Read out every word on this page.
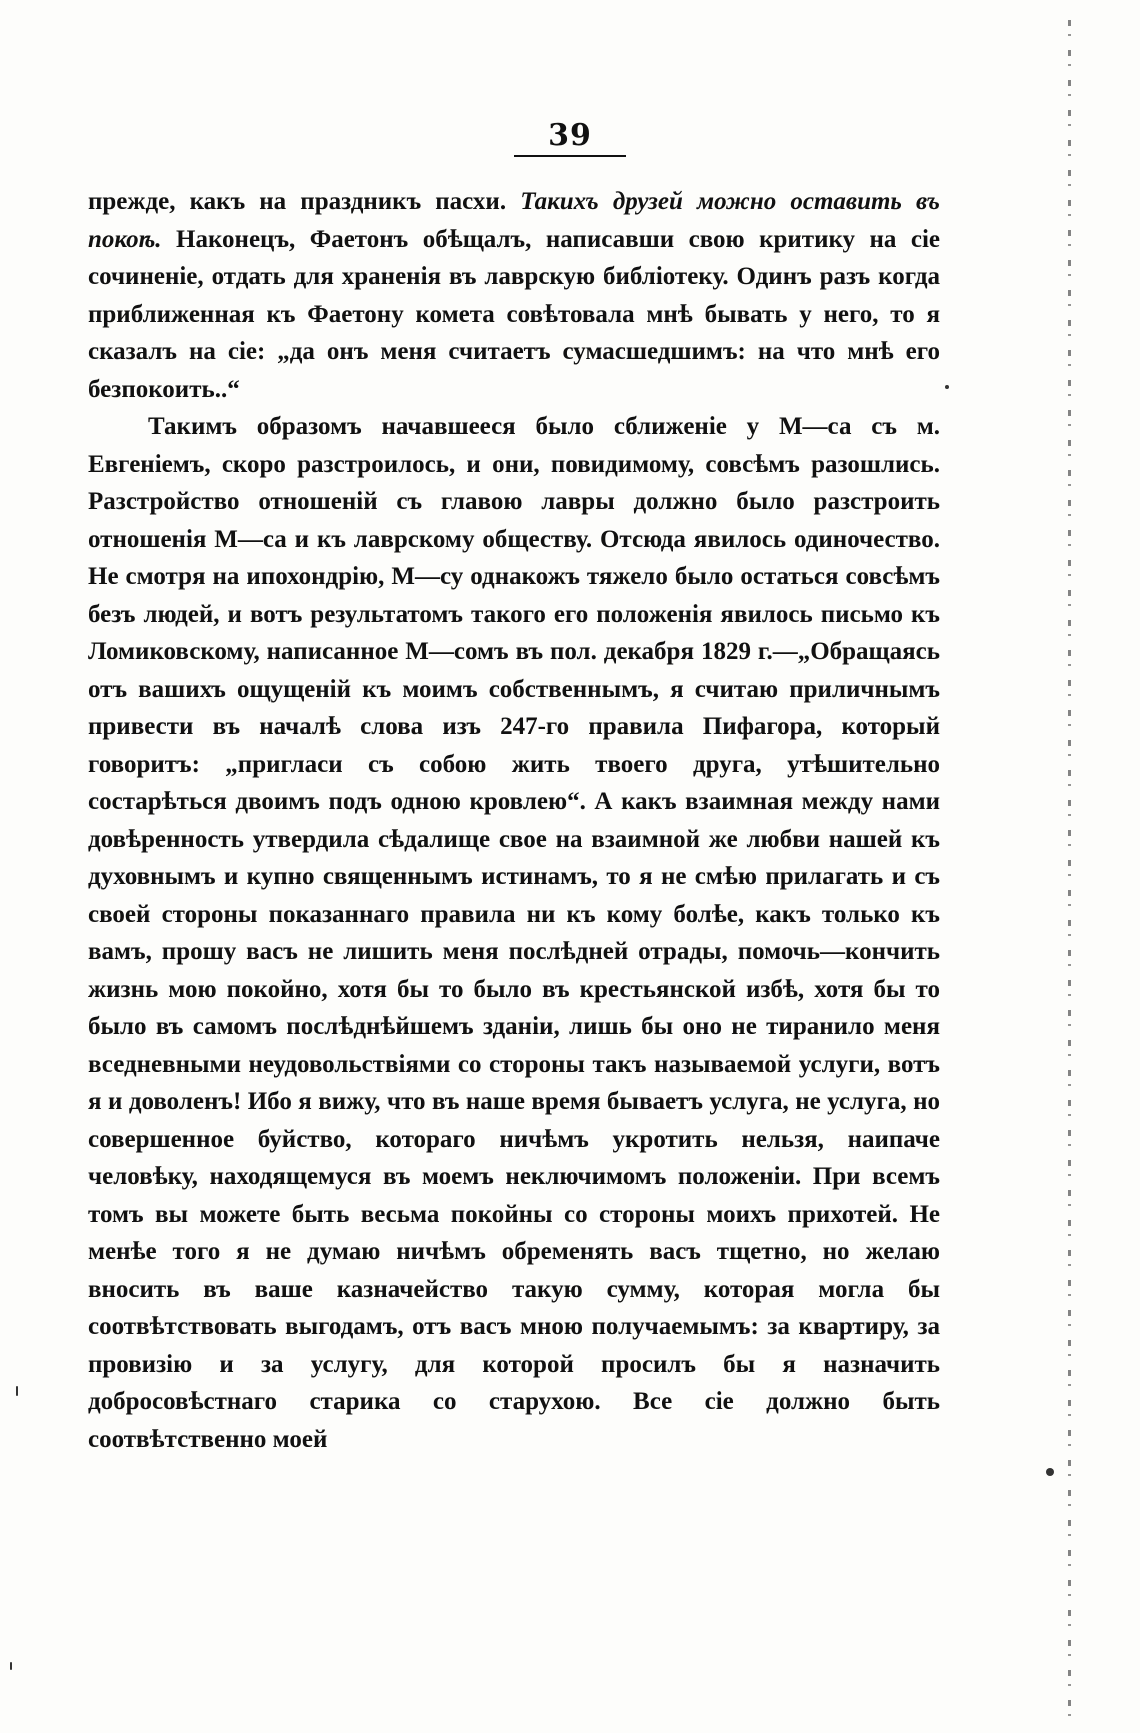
39

прежде, какъ на праздникъ пасхи. Такихъ друзей можно оставить въ покоѣ. Наконецъ, Фаетонъ обѣщалъ, написавши свою критику на сіе сочиненіе, отдать для храненія въ лаврскую библіотеку. Одинъ разъ когда приближенная къ Фаетону комета совѣтовала мнѣ бывать у него, то я сказалъ на сіе: „да онъ меня считаетъ сумасшедшимъ: на что мнѣ его безпокоить..“

Такимъ образомъ начавшееся было сближеніе у М—са съ м. Евгеніемъ, скоро разстроилось, и они, повидимому, совсѣмъ разошлись. Разстройство отношеній съ главою лавры должно было разстроить отношенія М—са и къ лаврскому обществу. Отсюда явилось одиночество. Не смотря на ипохондрію, М—су однакожъ тяжело было остаться совсѣмъ безъ людей, и вотъ результатомъ такого его положенія явилось письмо къ Ломиковскому, написанное М—сомъ въ пол. декабря 1829 г.—„Обращаясь отъ вашихъ ощущеній къ моимъ собственнымъ, я считаю приличнымъ привести въ началѣ слова изъ 247-го правила Пифагора, который говоритъ: „пригласи съ собою жить твоего друга, утѣшительно состарѣться двоимъ подъ одною кровлею“. А какъ взаимная между нами довѣренность утвердила сѣдалище свое на взаимной же любви нашей къ духовнымъ и купно священнымъ истинамъ, то я не смѣю прилагать и съ своей стороны показаннаго правила ни къ кому болѣе, какъ только къ вамъ, прошу васъ не лишить меня послѣдней отрады, помочь—кончить жизнь мою покойно, хотя бы то было въ крестьянской избѣ, хотя бы то было въ самомъ послѣднѣйшемъ зданіи, лишь бы оно не тиранило меня вседневными неудовольствіями со стороны такъ называемой услуги, вотъ я и доволенъ! Ибо я вижу, что въ наше время бываетъ услуга, не услуга, но совершенное буйство, котораго ничѣмъ укротить нельзя, наипаче человѣку, находящемуся въ моемъ неключимомъ положеніи. При всемъ томъ вы можете быть весьма покойны со стороны моихъ прихотей. Не менѣе того я не думаю ничѣмъ обременять васъ тщетно, но желаю вносить въ ваше казначейство такую сумму, которая могла бы соотвѣтствовать выгодамъ, отъ васъ мною получаемымъ: за квартиру, за провизію и за услугу, для которой просилъ бы я назначить добросовѣстнаго старика со старухою. Все сіе должно быть соотвѣтственно моей
